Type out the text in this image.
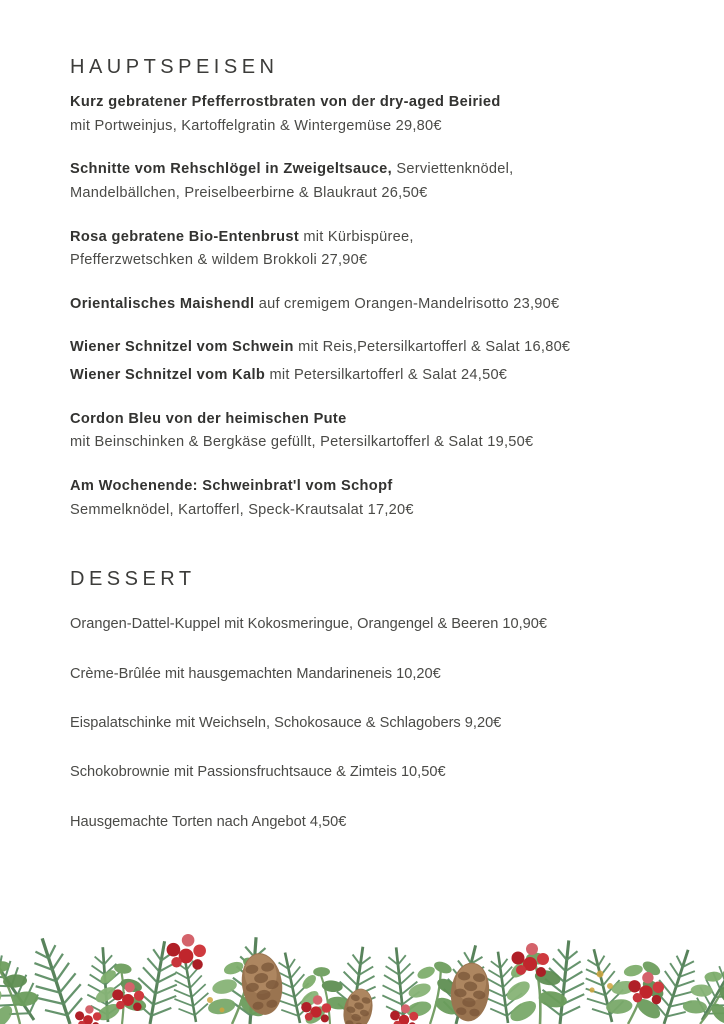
HAUPTSPEISEN
Kurz gebratener Pfefferrostbraten von der dry-aged Beiried
mit Portweinjus, Kartoffelgratin & Wintergemüse 29,80€
Schnitte vom Rehschlögel in Zweigeltsauce, Serviettenknödel,
Mandelbällchen, Preiselbeerbirne & Blaukraut 26,50€
Rosa gebratene Bio-Entenbrust mit Kürbispüree,
Pfefferzwetschken & wildem Brokkoli 27,90€
Orientalisches Maishendl auf cremigem Orangen-Mandelrisotto 23,90€
Wiener Schnitzel vom Schwein mit Reis,Petersilkartofferl & Salat 16,80€
Wiener Schnitzel vom Kalb mit Petersilkartofferl & Salat 24,50€
Cordon Bleu von der heimischen Pute
mit Beinschinken & Bergkäse gefüllt, Petersilkartofferl & Salat 19,50€
Am Wochenende: Schweinbrat'l vom Schopf
Semmelknödel, Kartofferl, Speck-Krautsalat 17,20€
DESSERT
Orangen-Dattel-Kuppel mit Kokosmeringue, Orangengel & Beeren 10,90€
Crème-Brûlée mit hausgemachten Mandarineneis 10,20€
Eispalatschinke mit Weichseln, Schokosauce & Schlagobers 9,20€
Schokobrownie mit Passionsfruchtsauce & Zimteis 10,50€
Hausgemachte Torten nach Angebot 4,50€
